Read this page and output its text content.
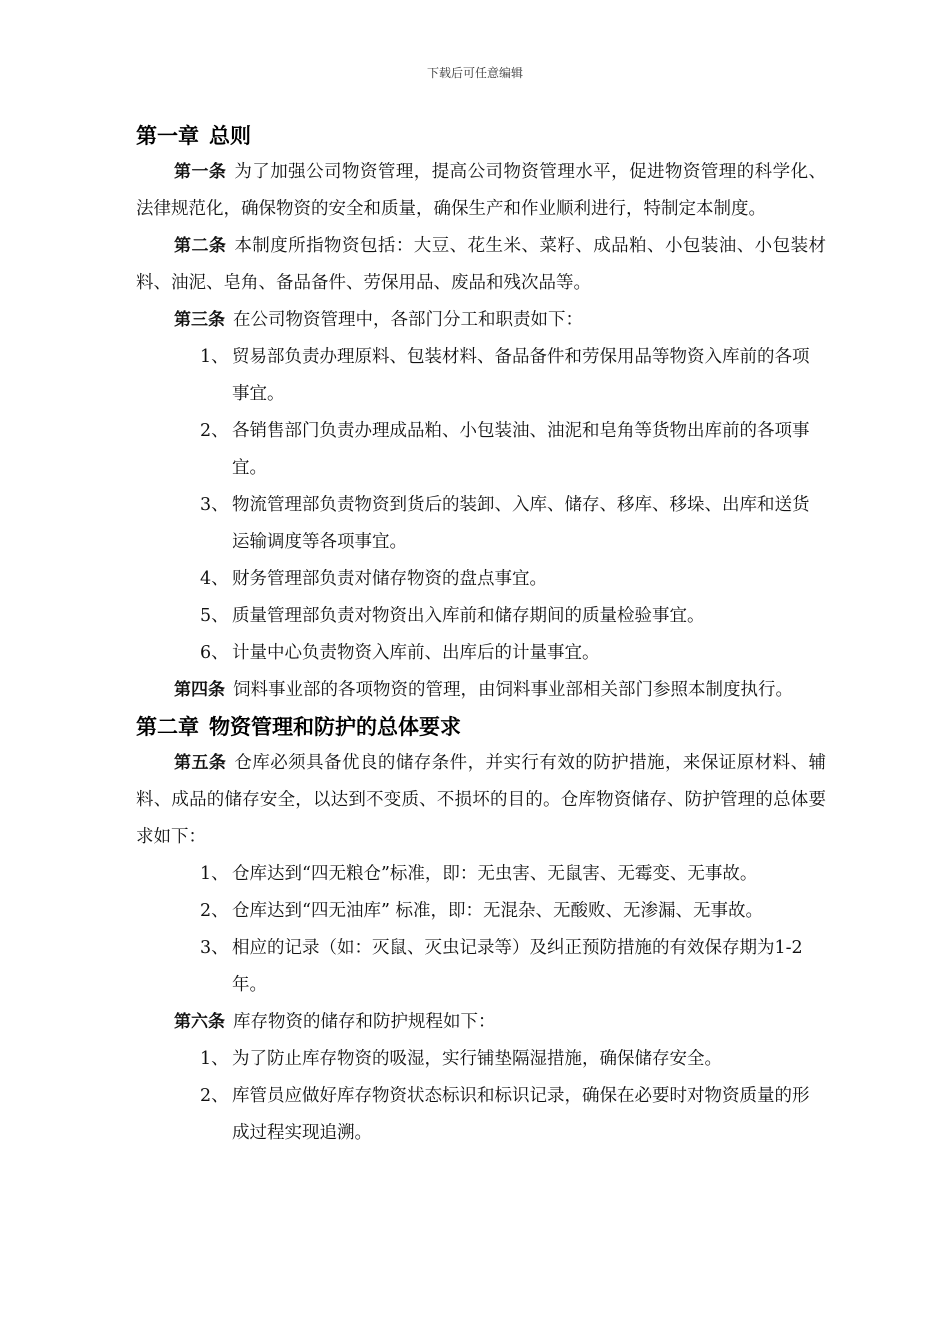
下载后可任意编辑
第一章 总则

第一条 为了加强公司物资管理，提高公司物资管理水平，促进物资管理的科学化、法律规范化，确保物资的安全和质量，确保生产和作业顺利进行，特制定本制度。

第二条 本制度所指物资包括：大豆、花生米、菜籽、成品粕、小包装油、小包装材料、油泥、皂角、备品备件、劳保用品、废品和残次品等。

第三条 在公司物资管理中，各部门分工和职责如下：

1、 贸易部负责办理原料、包装材料、备品备件和劳保用品等物资入库前的各项事宜。

2、 各销售部门负责办理成品粕、小包装油、油泥和皂角等货物出库前的各项事宜。

3、 物流管理部负责物资到货后的装卸、入库、储存、移库、移垛、出库和送货运输调度等各项事宜。

4、 财务管理部负责对储存物资的盘点事宜。

5、 质量管理部负责对物资出入库前和储存期间的质量检验事宜。

6、 计量中心负责物资入库前、出库后的计量事宜。

第四条 饲料事业部的各项物资的管理，由饲料事业部相关部门参照本制度执行。

第二章 物资管理和防护的总体要求

第五条 仓库必须具备优良的储存条件，并实行有效的防护措施，来保证原材料、辅料、成品的储存安全，以达到不变质、不损坏的目的。仓库物资储存、防护管理的总体要求如下：

1、 仓库达到“四无粮仓”标准，即：无虫害、无鼠害、无霉变、无事故。

2、 仓库达到“四无油库” 标准，即：无混杂、无酸败、无渗漏、无事故。

3、 相应的记录（如：灭鼠、灭虫记录等）及纠正预防措施的有效保存期为1-2年。

第六条 库存物资的储存和防护规程如下：

1、 为了防止库存物资的吸湿，实行铺垫隔湿措施，确保储存安全。

2、 库管员应做好库存物资状态标识和标识记录，确保在必要时对物资质量的形成过程实现追溯。
